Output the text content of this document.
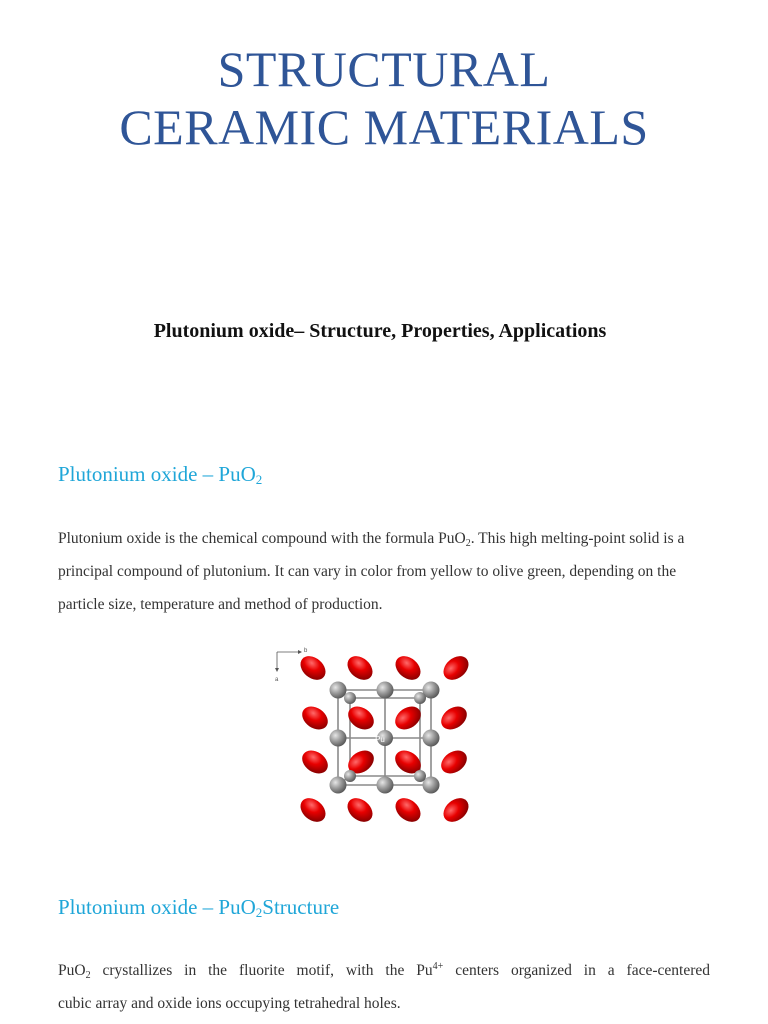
STRUCTURAL
CERAMIC MATERIALS
Plutonium oxide– Structure, Properties, Applications
Plutonium oxide – PuO$_2$

Plutonium oxide is the chemical compound with the formula PuO$_2$. This high melting-point solid is a principal compound of plutonium. It can vary in color from yellow to olive green, depending on the particle size, temperature and method of production.

b
a
Pu
Plutonium oxide – PuO$_2$Structure

PuO$_2$ crystallizes in the fluorite motif, with the $Pu^{4+}$ centers organized in a face-centered
cubic array and oxide ions occupying tetrahedral holes.
